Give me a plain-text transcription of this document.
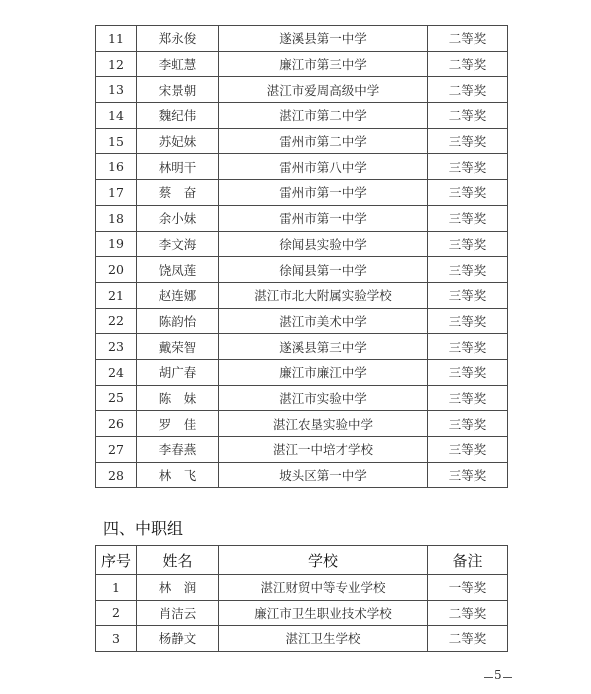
11	郑永俊	遂溪县第一中学	二等奖
12	李虹慧	廉江市第三中学	二等奖
13	宋景朝	湛江市爱周高级中学	二等奖
14	魏纪伟	湛江市第二中学	二等奖
15	苏妃妹	雷州市第二中学	三等奖
16	林明干	雷州市第八中学	三等奖
17	蔡　奋	雷州市第一中学	三等奖
18	余小妹	雷州市第一中学	三等奖
19	李文海	徐闻县实验中学	三等奖
20	饶凤莲	徐闻县第一中学	三等奖
21	赵连娜	湛江市北大附属实验学校	三等奖
22	陈韵怡	湛江市美术中学	三等奖
23	戴荣智	遂溪县第三中学	三等奖
24	胡广春	廉江市廉江中学	三等奖
25	陈　妹	湛江市实验中学	三等奖
26	罗　佳	湛江农垦实验中学	三等奖
27	李春燕	湛江一中培才学校	三等奖
28	林　飞	坡头区第一中学	三等奖
四、中职组
序号	姓名	学校	备注
1	林　润	湛江财贸中等专业学校	一等奖
2	肖洁云	廉江市卫生职业技术学校	二等奖
3	杨静文	湛江卫生学校	二等奖
5
